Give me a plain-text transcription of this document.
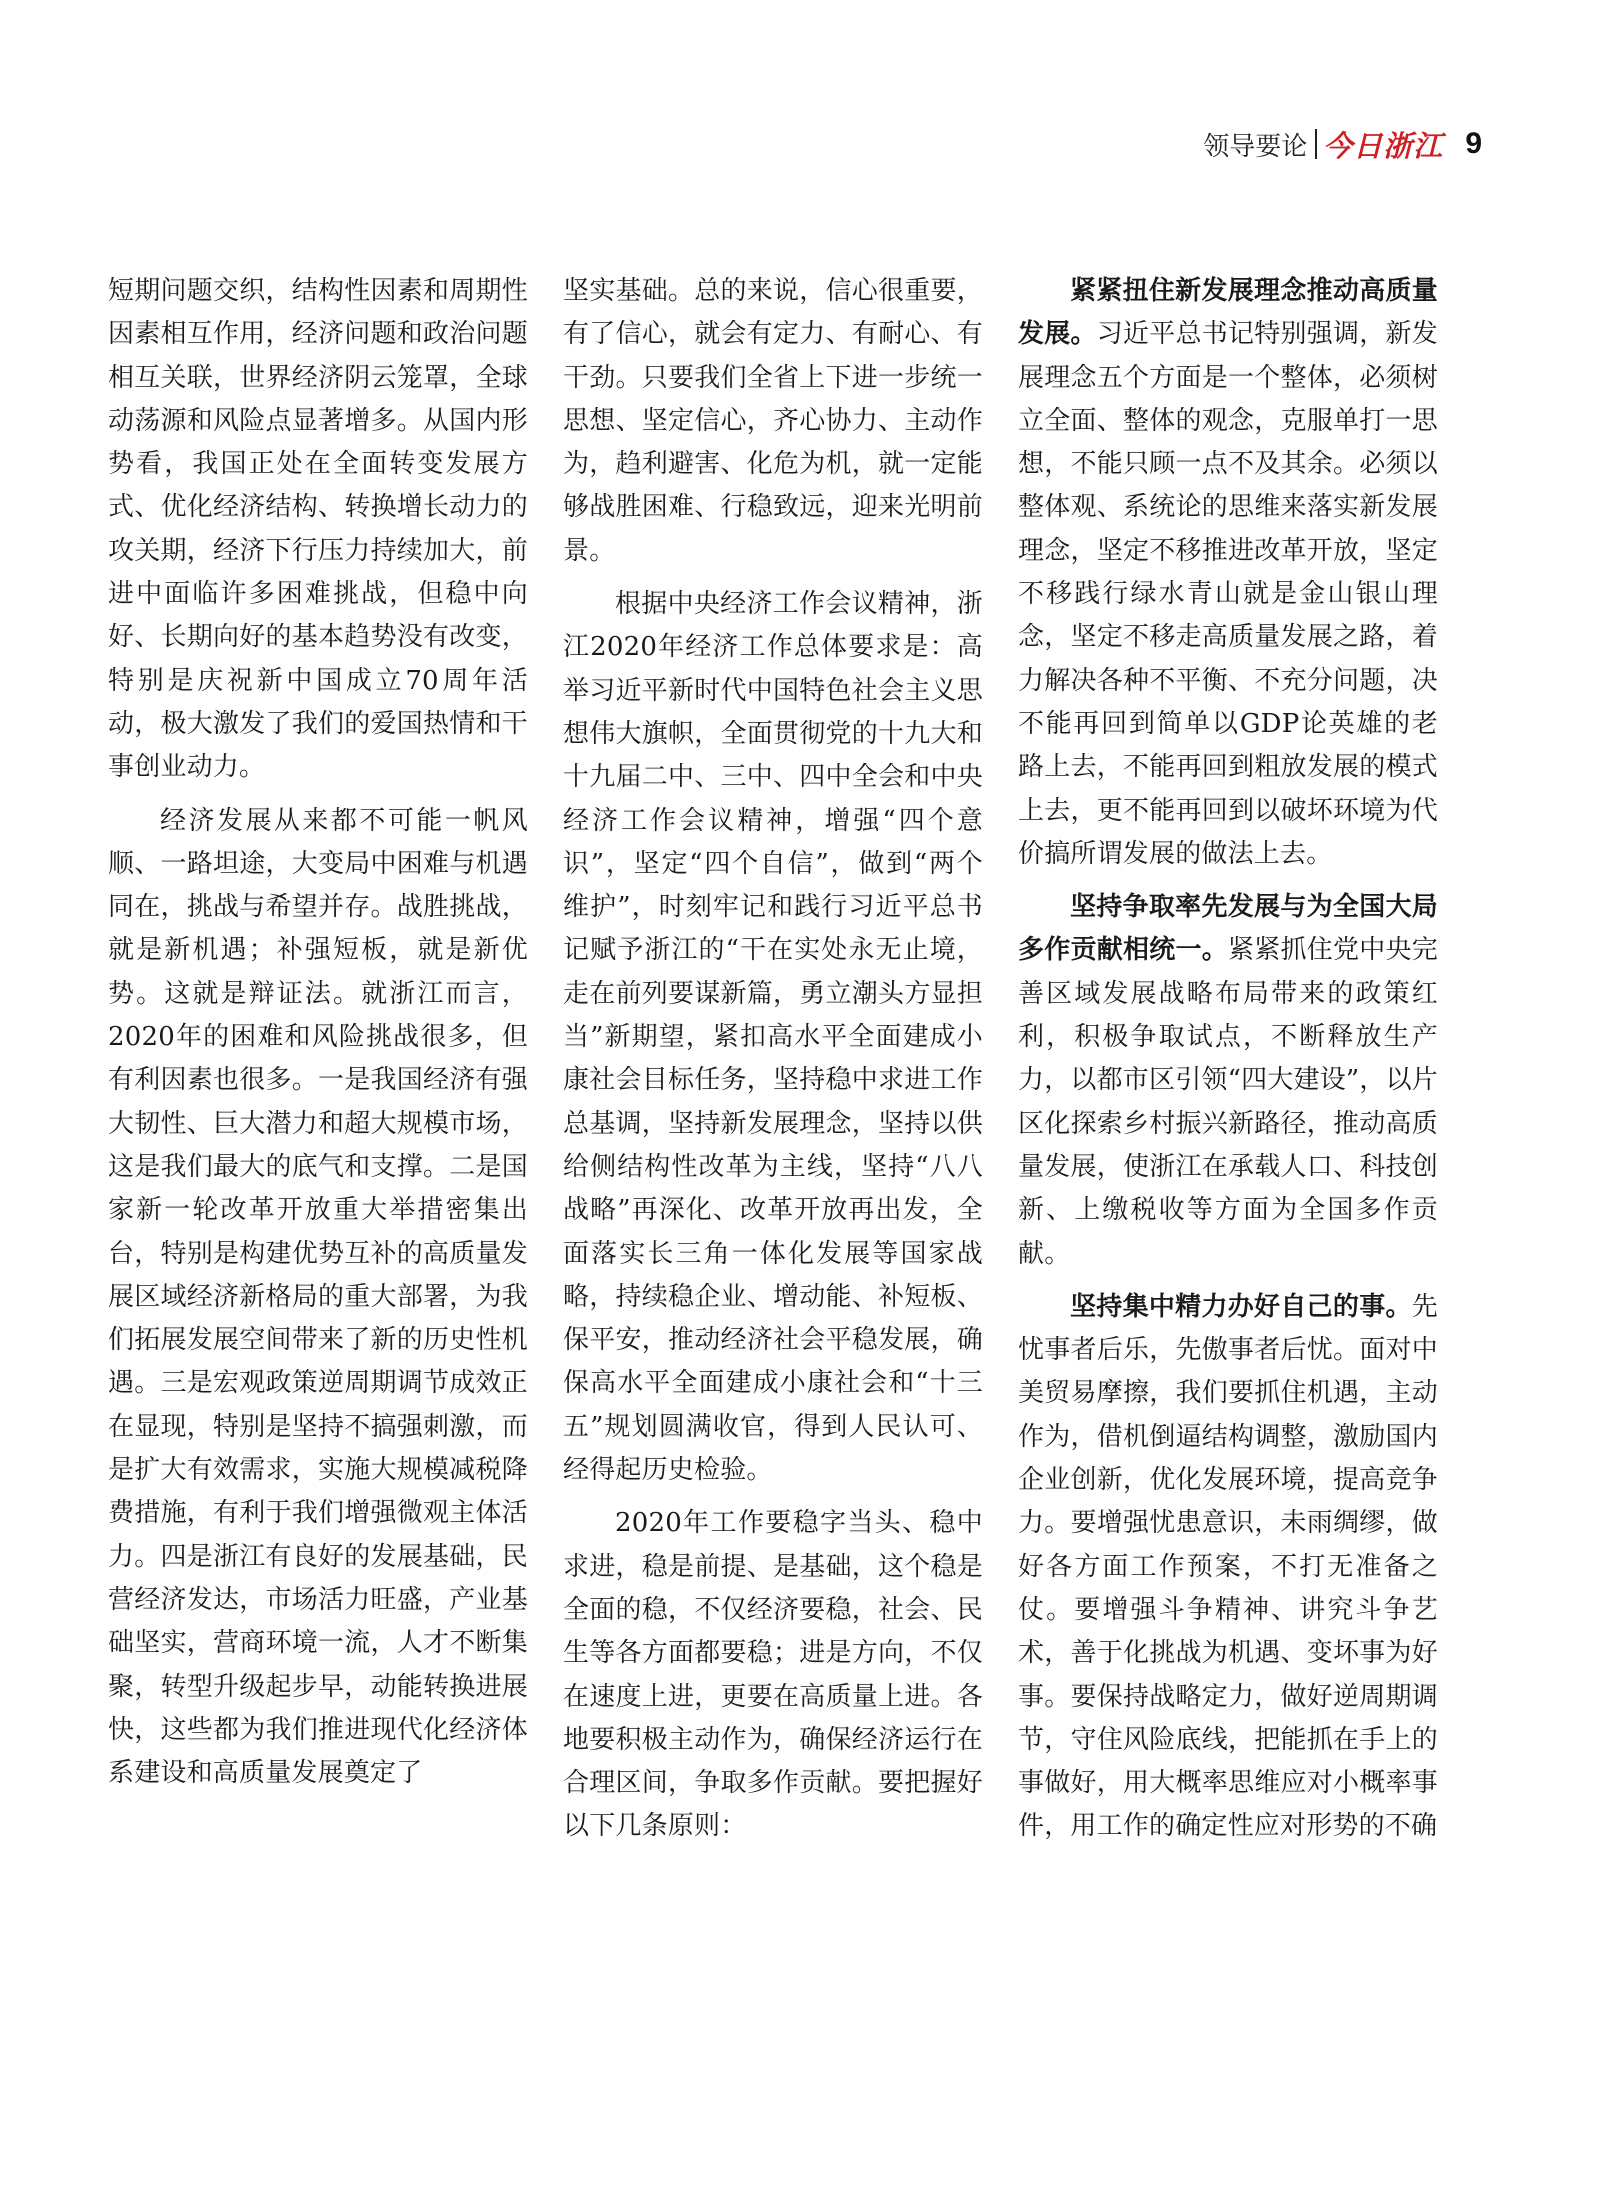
领导要论 今日浙江 9

短期问题交织，结构性因素和周期性因素相互作用，经济问题和政治问题相互关联，世界经济阴云笼罩，全球动荡源和风险点显著增多。从国内形势看，我国正处在全面转变发展方式、优化经济结构、转换增长动力的攻关期，经济下行压力持续加大，前进中面临许多困难挑战，但稳中向好、长期向好的基本趋势没有改变，特别是庆祝新中国成立70周年活动，极大激发了我们的爱国热情和干事创业动力。

经济发展从来都不可能一帆风顺、一路坦途，大变局中困难与机遇同在，挑战与希望并存。战胜挑战，就是新机遇；补强短板，就是新优势。这就是辩证法。就浙江而言，2020年的困难和风险挑战很多，但有利因素也很多。一是我国经济有强大韧性、巨大潜力和超大规模市场，这是我们最大的底气和支撑。二是国家新一轮改革开放重大举措密集出台，特别是构建优势互补的高质量发展区域经济新格局的重大部署，为我们拓展发展空间带来了新的历史性机遇。三是宏观政策逆周期调节成效正在显现，特别是坚持不搞强刺激，而是扩大有效需求，实施大规模减税降费措施，有利于我们增强微观主体活力。四是浙江有良好的发展基础，民营经济发达，市场活力旺盛，产业基础坚实，营商环境一流，人才不断集聚，转型升级起步早，动能转换进展快，这些都为我们推进现代化经济体系建设和高质量发展奠定了

坚实基础。总的来说，信心很重要，有了信心，就会有定力、有耐心、有干劲。只要我们全省上下进一步统一思想、坚定信心，齐心协力、主动作为，趋利避害、化危为机，就一定能够战胜困难、行稳致远，迎来光明前景。

根据中央经济工作会议精神，浙江2020年经济工作总体要求是：高举习近平新时代中国特色社会主义思想伟大旗帜，全面贯彻党的十九大和十九届二中、三中、四中全会和中央经济工作会议精神，增强“四个意识”，坚定“四个自信”，做到“两个维护”，时刻牢记和践行习近平总书记赋予浙江的“干在实处永无止境，走在前列要谋新篇，勇立潮头方显担当”新期望，紧扣高水平全面建成小康社会目标任务，坚持稳中求进工作总基调，坚持新发展理念，坚持以供给侧结构性改革为主线，坚持“八八战略”再深化、改革开放再出发，全面落实长三角一体化发展等国家战略，持续稳企业、增动能、补短板、保平安，推动经济社会平稳发展，确保高水平全面建成小康社会和“十三五”规划圆满收官，得到人民认可、经得起历史检验。

2020年工作要稳字当头、稳中求进，稳是前提、是基础，这个稳是全面的稳，不仅经济要稳，社会、民生等各方面都要稳；进是方向，不仅在速度上进，更要在高质量上进。各地要积极主动作为，确保经济运行在合理区间，争取多作贡献。要把握好以下几条原则：

紧紧扭住新发展理念推动高质量发展。习近平总书记特别强调，新发展理念五个方面是一个整体，必须树立全面、整体的观念，克服单打一思想，不能只顾一点不及其余。必须以整体观、系统论的思维来落实新发展理念，坚定不移推进改革开放，坚定不移践行绿水青山就是金山银山理念，坚定不移走高质量发展之路，着力解决各种不平衡、不充分问题，决不能再回到简单以GDP论英雄的老路上去，不能再回到粗放发展的模式上去，更不能再回到以破坏环境为代价搞所谓发展的做法上去。

坚持争取率先发展与为全国大局多作贡献相统一。紧紧抓住党中央完善区域发展战略布局带来的政策红利，积极争取试点，不断释放生产力，以都市区引领“四大建设”，以片区化探索乡村振兴新路径，推动高质量发展，使浙江在承载人口、科技创新、上缴税收等方面为全国多作贡献。

坚持集中精力办好自己的事。先忧事者后乐，先傲事者后忧。面对中美贸易摩擦，我们要抓住机遇，主动作为，借机倒逼结构调整，激励国内企业创新，优化发展环境，提高竞争力。要增强忧患意识，未雨绸缪，做好各方面工作预案，不打无准备之仗。要增强斗争精神、讲究斗争艺术，善于化挑战为机遇、变坏事为好事。要保持战略定力，做好逆周期调节，守住风险底线，把能抓在手上的事做好，用大概率思维应对小概率事件，用工作的确定性应对形势的不确
